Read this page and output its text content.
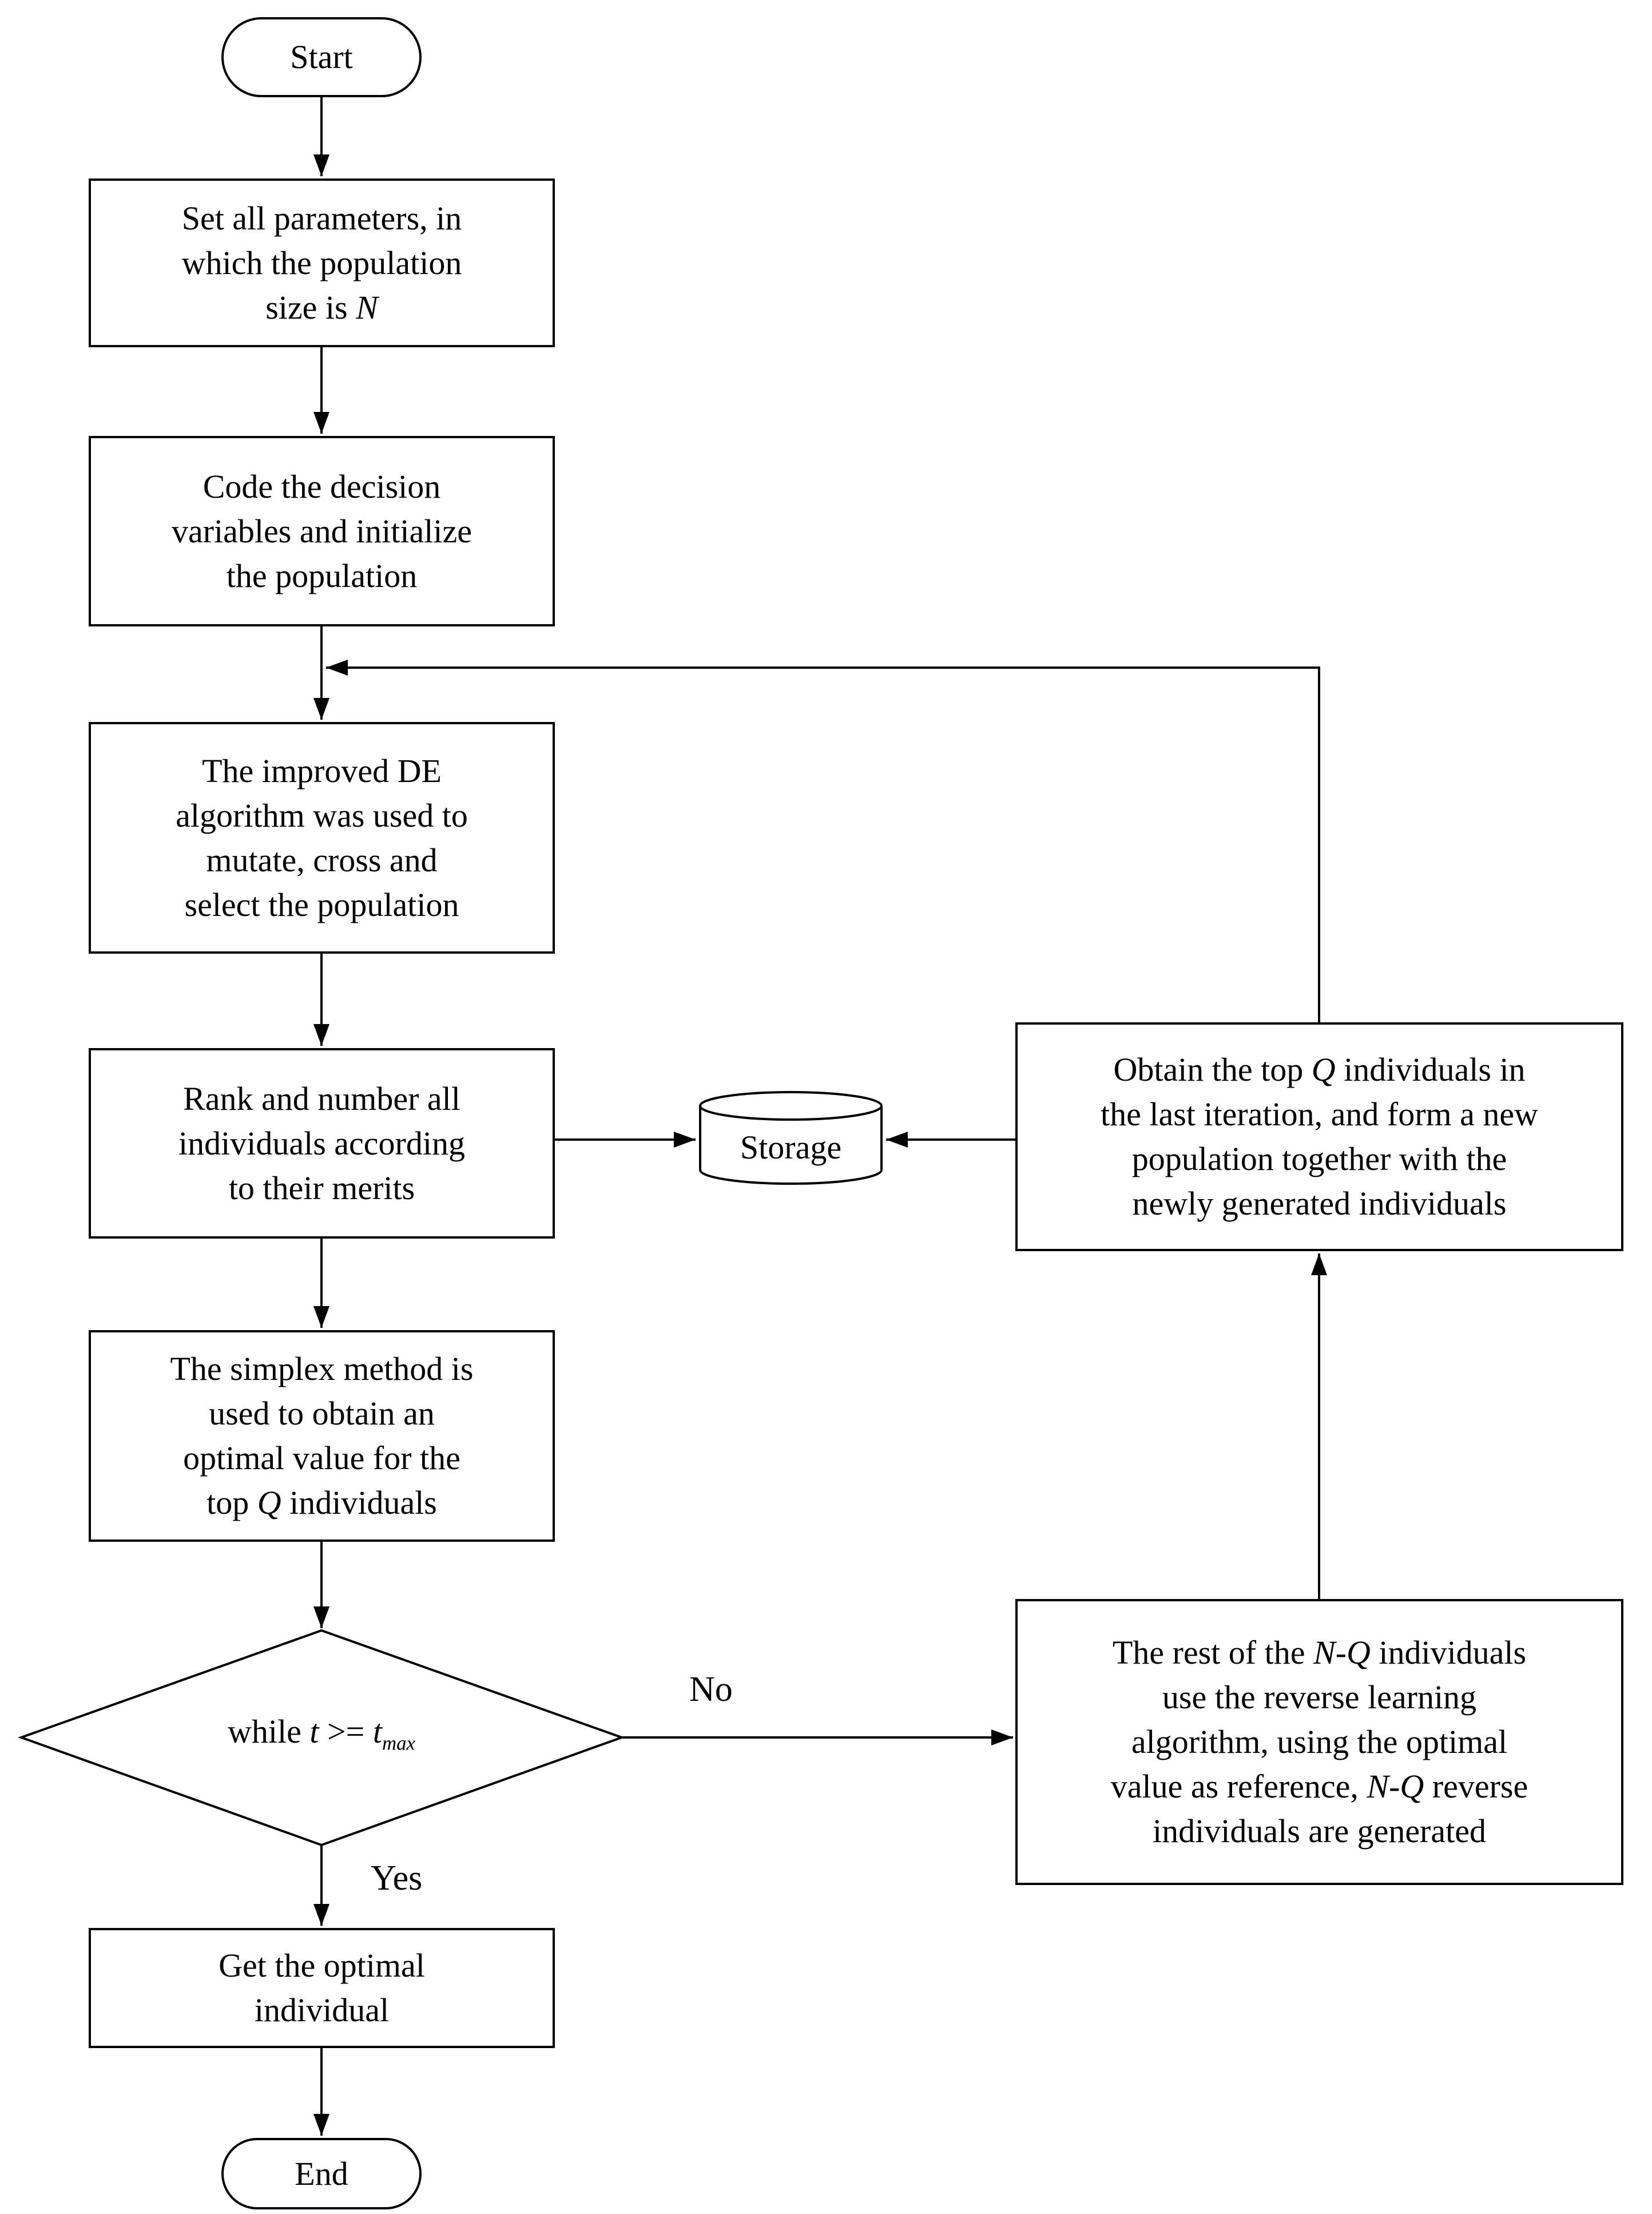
Start
Set all parameters, in
which the population
size is N
Code the decision
variables and initialize
the population
The improved DE
algorithm was used to
mutate, cross and
select the population
Rank and number all
individuals according
to their merits
Storage
Obtain the top Q individuals in
the last iteration, and form a new
population together with the
newly generated individuals
The simplex method is
used to obtain an
optimal value for the
top Q individuals
while $t >= t_{max}$
The rest of the N-Q individuals
use the reverse learning
algorithm, using the optimal
value as reference, N-Q reverse
individuals are generated
Get the optimal
individual
End
No
Yes
